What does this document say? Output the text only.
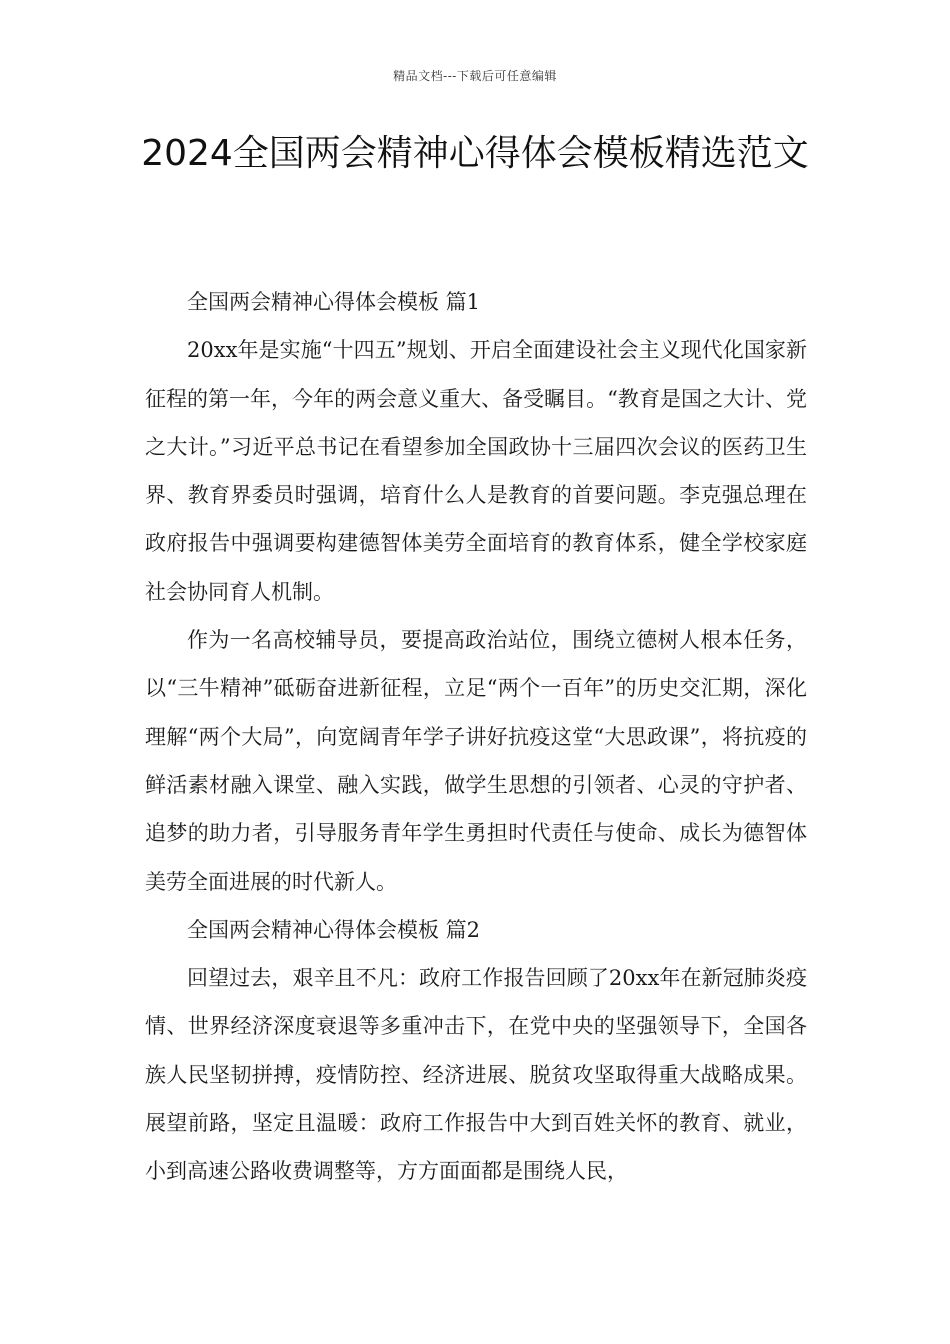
精品文档---下载后可任意编辑
2024全国两会精神心得体会模板精选范文

全国两会精神心得体会模板 篇1

20xx年是实施“十四五”规划、开启全面建设社会主义现代化国家新征程的第一年，今年的两会意义重大、备受瞩目。“教育是国之大计、党之大计。”习近平总书记在看望参加全国政协十三届四次会议的医药卫生界、教育界委员时强调，培育什么人是教育的首要问题。李克强总理在政府报告中强调要构建德智体美劳全面培育的教育体系，健全学校家庭社会协同育人机制。

作为一名高校辅导员，要提高政治站位，围绕立德树人根本任务，以“三牛精神”砥砺奋进新征程，立足“两个一百年”的历史交汇期，深化理解“两个大局”，向宽阔青年学子讲好抗疫这堂“大思政课”，将抗疫的鲜活素材融入课堂、融入实践，做学生思想的引领者、心灵的守护者、追梦的助力者，引导服务青年学生勇担时代责任与使命、成长为德智体美劳全面进展的时代新人。

全国两会精神心得体会模板 篇2

回望过去，艰辛且不凡：政府工作报告回顾了20xx年在新冠肺炎疫情、世界经济深度衰退等多重冲击下，在党中央的坚强领导下，全国各族人民坚韧拼搏，疫情防控、经济进展、脱贫攻坚取得重大战略成果。展望前路，坚定且温暖：政府工作报告中大到百姓关怀的教育、就业，小到高速公路收费调整等，方方面面都是围绕人民，
